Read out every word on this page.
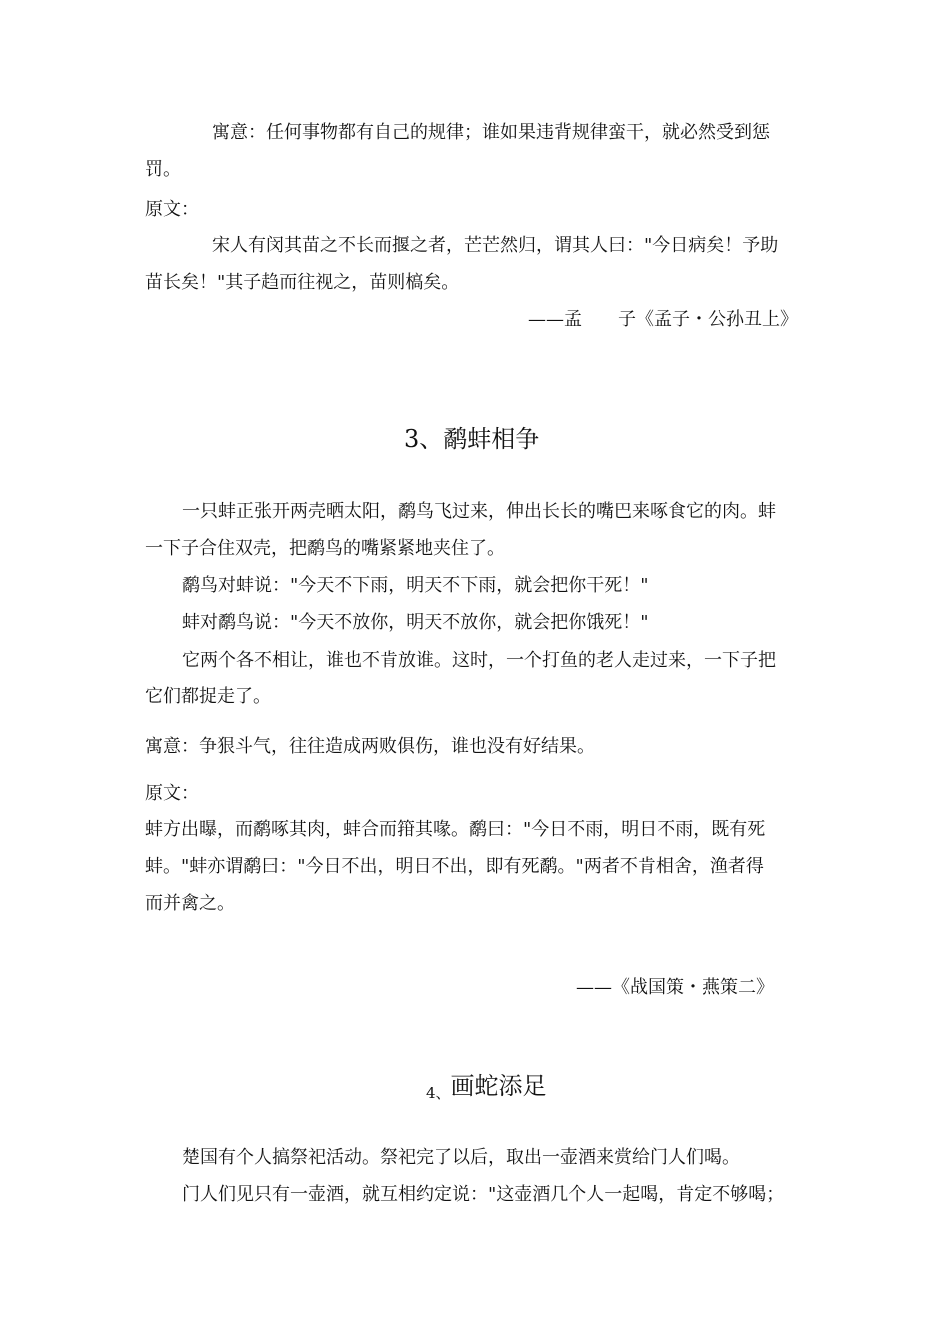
寓意：任何事物都有自己的规律；谁如果违背规律蛮干，就必然受到惩

罚。

原文：

宋人有闵其苗之不长而揠之者，芒芒然归，谓其人曰："今日病矣！予助

苗长矣！"其子趋而往视之，苗则槁矣。

——孟　　子《孟子・公孙丑上》

3、鹬蚌相争

一只蚌正张开两壳晒太阳，鹬鸟飞过来，伸出长长的嘴巴来啄食它的肉。蚌

一下子合住双壳，把鹬鸟的嘴紧紧地夹住了。

鹬鸟对蚌说："今天不下雨，明天不下雨，就会把你干死！"

蚌对鹬鸟说："今天不放你，明天不放你，就会把你饿死！"

它两个各不相让，谁也不肯放谁。这时，一个打鱼的老人走过来，一下子把

它们都捉走了。

寓意：争狠斗气，往往造成两败俱伤，谁也没有好结果。

原文：

蚌方出曝，而鹬啄其肉，蚌合而箝其喙。鹬曰："今日不雨，明日不雨，既有死

蚌。"蚌亦谓鹬曰："今日不出，明日不出，即有死鹬。"两者不肯相舍，渔者得

而并禽之。

——《战国策・燕策二》

4、画蛇添足

楚国有个人搞祭祀活动。祭祀完了以后，取出一壶酒来赏给门人们喝。

门人们见只有一壶酒，就互相约定说："这壶酒几个人一起喝，肯定不够喝；
